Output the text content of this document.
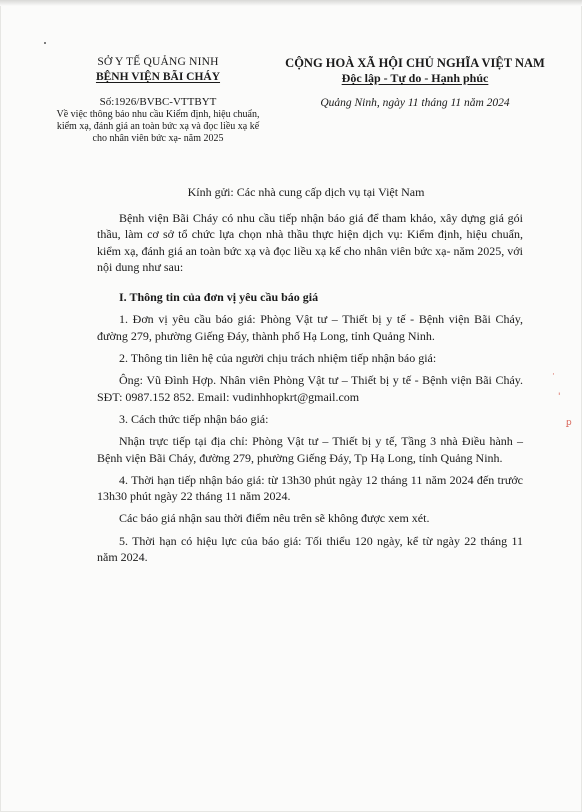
SỞ Y TẾ QUẢNG NINH
BỆNH VIỆN BÃI CHÁY
CỘNG HOÀ XÃ HỘI CHỦ NGHĨA VIỆT NAM
Độc lập - Tự do - Hạnh phúc
Số:1926/BVBC-VTTBYT
Về việc thông báo nhu cầu Kiểm định, hiệu chuẩn, kiểm xạ, đánh giá an toàn bức xạ và đọc liều xạ kế cho nhân viên bức xạ- năm 2025
Quảng Ninh, ngày 11 tháng 11 năm 2024
Kính gửi: Các nhà cung cấp dịch vụ tại Việt Nam

Bệnh viện Bãi Cháy có nhu cầu tiếp nhận báo giá để tham khảo, xây dựng giá gói thầu, làm cơ sở tổ chức lựa chọn nhà thầu thực hiện dịch vụ: Kiểm định, hiệu chuẩn, kiểm xạ, đánh giá an toàn bức xạ và đọc liều xạ kế cho nhân viên bức xạ- năm 2025, với nội dung như sau:

I. Thông tin của đơn vị yêu cầu báo giá

1. Đơn vị yêu cầu báo giá: Phòng Vật tư – Thiết bị y tế - Bệnh viện Bãi Cháy, đường 279, phường Giếng Đáy, thành phố Hạ Long, tỉnh Quảng Ninh.

2. Thông tin liên hệ của người chịu trách nhiệm tiếp nhận báo giá:

Ông: Vũ Đình Hợp. Nhân viên Phòng Vật tư – Thiết bị y tế - Bệnh viện Bãi Cháy. SĐT: 0987.152 852. Email: vudinhhopkrt@gmail.com

3. Cách thức tiếp nhận báo giá:

Nhận trực tiếp tại địa chỉ: Phòng Vật tư – Thiết bị y tế, Tầng 3 nhà Điều hành – Bệnh viện Bãi Cháy, đường 279, phường Giếng Đáy, Tp Hạ Long, tỉnh Quảng Ninh.

4. Thời hạn tiếp nhận báo giá: từ 13h30 phút ngày 12 tháng 11 năm 2024 đến trước 13h30 phút ngày 22 tháng 11 năm 2024.

Các báo giá nhận sau thời điểm nêu trên sẽ không được xem xét.

5. Thời hạn có hiệu lực của báo giá: Tối thiểu 120 ngày, kể từ ngày 22 tháng 11 năm 2024.

·
'
ꝑ
